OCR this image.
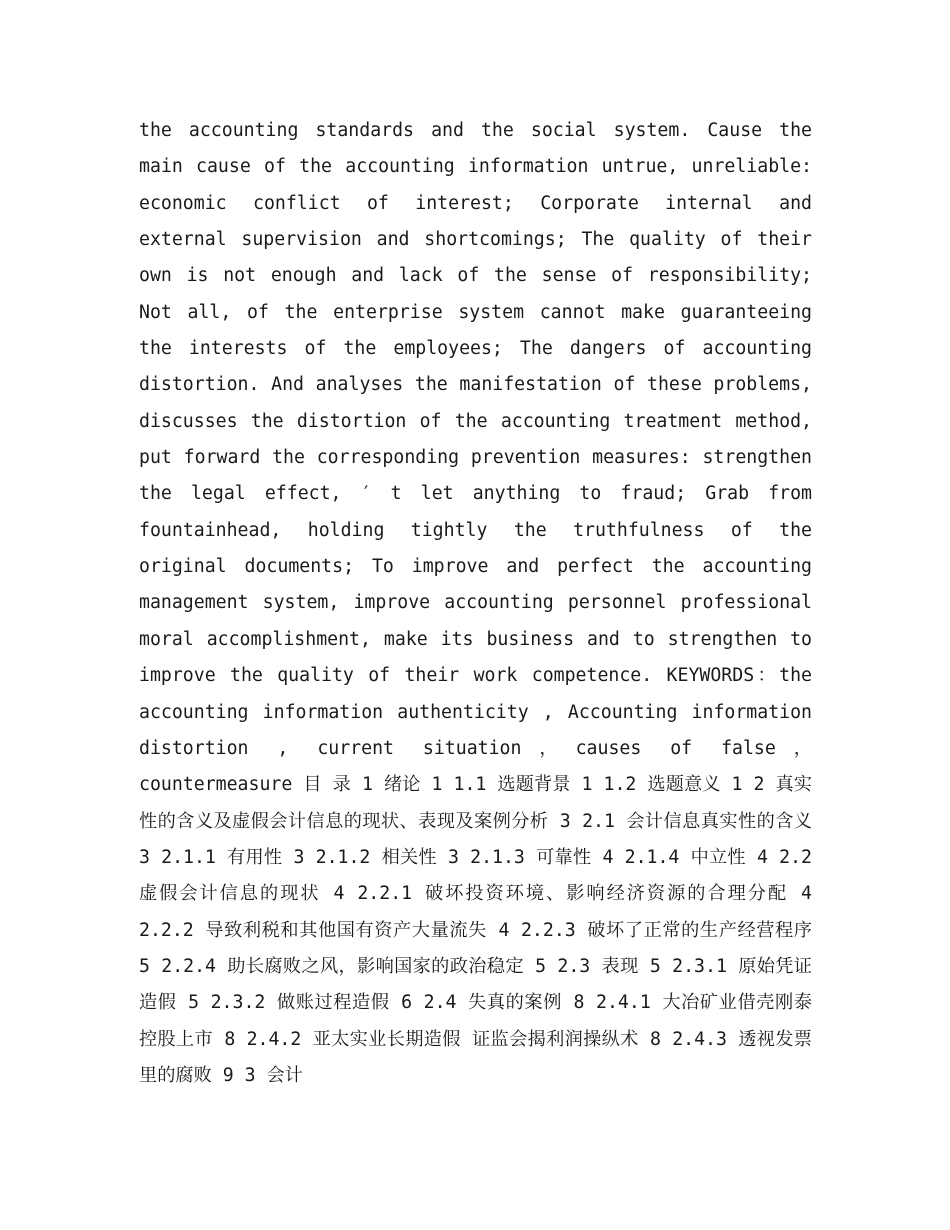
the accounting standards and the social system. Cause the main cause of the accounting information untrue, unreliable: economic conflict of interest; Corporate internal and external supervision and shortcomings; The quality of their own is not enough and lack of the sense of responsibility; Not all, of the enterprise system cannot make guaranteeing the interests of the employees; The dangers of accounting distortion. And analyses the manifestation of these problems, discusses the distortion of the accounting treatment method, put forward the corresponding prevention measures: strengthen the legal effect, ′ t let anything to fraud; Grab from fountainhead, holding tightly the truthfulness of the original documents; To improve and perfect the accounting management system, improve accounting personnel professional moral accomplishment, make its business and to strengthen to improve the quality of their work competence. KEYWORDS：the accounting information authenticity , Accounting information distortion , current situation，causes of false，countermeasure 目 录 1 绪论 1 1.1 选题背景 1 1.2 选题意义 1 2 真实性的含义及虚假会计信息的现状、表现及案例分析 3 2.1 会计信息真实性的含义 3 2.1.1 有用性 3 2.1.2 相关性 3 2.1.3 可靠性 4 2.1.4 中立性 4 2.2 虚假会计信息的现状 4 2.2.1 破坏投资环境、影响经济资源的合理分配 4 2.2.2 导致利税和其他国有资产大量流失 4 2.2.3 破坏了正常的生产经营程序 5 2.2.4 助长腐败之风，影响国家的政治稳定 5 2.3 表现 5 2.3.1 原始凭证造假 5 2.3.2 做账过程造假 6 2.4 失真的案例 8 2.4.1 大冶矿业借壳刚泰控股上市 8 2.4.2 亚太实业长期造假 证监会揭利润操纵术 8 2.4.3 透视发票里的腐败 9 3 会计
